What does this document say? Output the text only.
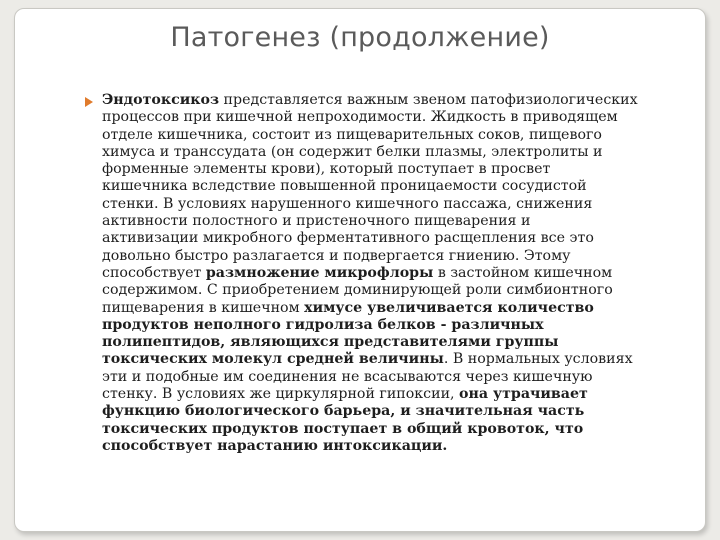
Патогенез (продолжение)
Эндотоксикоз представляется важным звеном патофизиологических
процессов при кишечной непроходимости. Жидкость в приводящем
отделе кишечника, состоит из пищеварительных соков, пищевого
химуса и транссудата (он содержит белки плазмы, электролиты и
форменные элементы крови), который поступает в просвет
кишечника вследствие повышенной проницаемости сосудистой
стенки. В условиях нарушенного кишечного пассажа, снижения
активности полостного и пристеночного пищеварения и
активизации микробного ферментативного расщепления все это
довольно быстро разлагается и подвергается гниению. Этому
способствует размножение микрофлоры в застойном кишечном
содержимом. С приобретением доминирующей роли симбионтного
пищеварения в кишечном химусе увеличивается количество
продуктов неполного гидролиза белков - различных
полипептидов, являющихся представителями группы
токсических молекул средней величины. В нормальных условиях
эти и подобные им соединения не всасываются через кишечную
стенку. В условиях же циркулярной гипоксии, она утрачивает
функцию биологического барьера, и значительная часть
токсических продуктов поступает в общий кровоток, что
способствует нарастанию интоксикации.
